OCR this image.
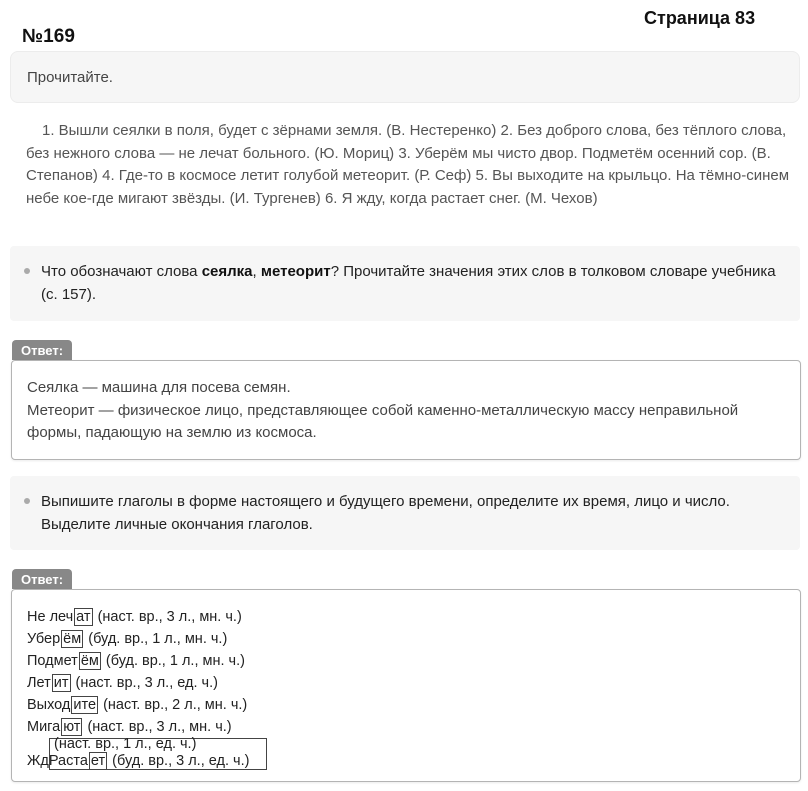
Страница 83
№169
Прочитайте.
1. Вышли сеялки в поля, будет с зёрнами земля. (В. Нестеренко) 2. Без доброго слова, без тёплого слова, без нежного слова — не лечат больного. (Ю. Мориц) 3. Уберём мы чисто двор. Подметём осенний сор. (В. Степанов) 4. Где-то в космосе летит голубой метеорит. (Р. Сеф) 5. Вы выходите на крыльцо. На тёмно-синем небе кое-где мигают звёзды. (И. Тургенев) 6. Я жду, когда растает снег. (М. Чехов)
Что обозначают слова сеялка, метеорит? Прочитайте значения этих слов в толковом словаре учебника (с. 157).
Ответ:
Сеялка — машина для посева семян.
Метеорит — физическое лицо, представляющее собой каменно-металлическую массу неправильной формы, падающую на землю из космоса.
Выпишите глаголы в форме настоящего и будущего времени, определите их время, лицо и число. Выделите личные окончания глаголов.
Ответ:
Не леч ат (наст. вр., 3 л., мн. ч.)
Убер ём (буд. вр., 1 л., мн. ч.)
Подмет ём (буд. вр., 1 л., мн. ч.)
Лет ит (наст. вр., 3 л., ед. ч.)
Выход ите (наст. вр., 2 л., мн. ч.)
Мига ют (наст. вр., 3 л., мн. ч.)
(наст. вр., 1 л., ед. ч.)
ЖдРаста ет (буд. вр., 3 л., ед. ч.)
